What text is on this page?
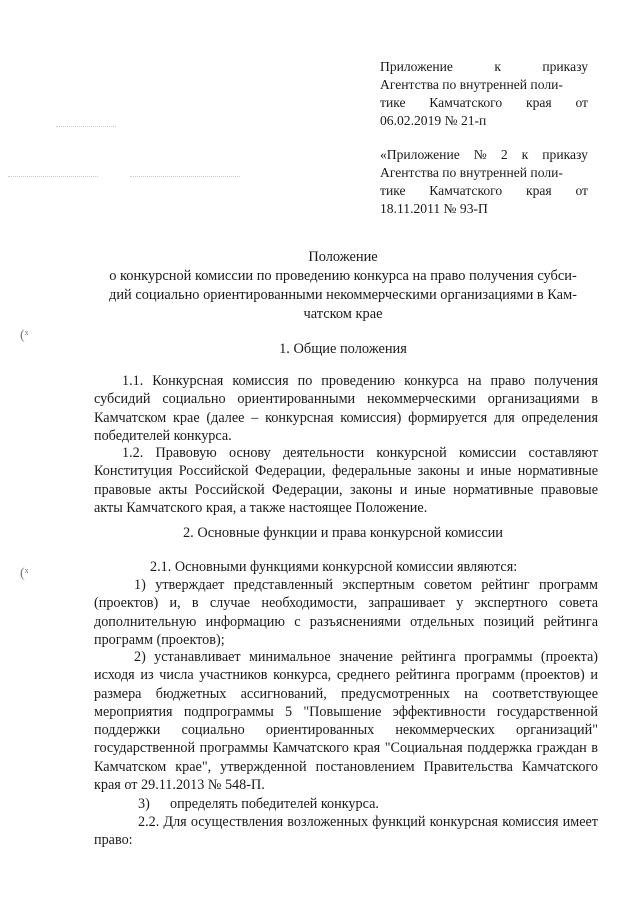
(ˣ
(ˣ
Приложение	к	приказу
Агентства по внутренней поли-
тике Камчатского края от
06.02.2019 № 21-п
«Приложение № 2 к приказу
Агентства по внутренней поли-
тике Камчатского края от
18.11.2011 № 93-П
Положение
о конкурсной комиссии по проведению конкурса на право получения субси-
дий социально ориентированными некоммерческими организациями в Кам-
чатском крае
1. Общие положения
1.1. Конкурсная комиссия по проведению конкурса на право получения субсидий социально ориентированными некоммерческими организациями в Камчатском крае (далее – конкурсная комиссия) формируется для определения победителей конкурса.
1.2. Правовую основу деятельности конкурсной комиссии составляют Конституция Российской Федерации, федеральные законы и иные нормативные правовые акты Российской Федерации, законы и иные нормативные правовые акты Камчатского края, а также настоящее Положение.
2. Основные функции и права конкурсной комиссии
2.1. Основными функциями конкурсной комиссии являются:
1) утверждает представленный экспертным советом рейтинг программ (проектов) и, в случае необходимости, запрашивает у экспертного совета дополнительную информацию с разъяснениями отдельных позиций рейтинга программ (проектов);
2) устанавливает минимальное значение рейтинга программы (проекта) исходя из числа участников конкурса, среднего рейтинга программ (проектов) и размера бюджетных ассигнований, предусмотренных на соответствующее мероприятия подпрограммы 5 "Повышение эффективности государственной поддержки социально ориентированных некоммерческих организаций" государственной программы Камчатского края "Социальная поддержка граждан в Камчатском крае", утвержденной постановлением Правительства Камчатского края от 29.11.2013 № 548-П.
3) определять победителей конкурса.
2.2. Для осуществления возложенных функций конкурсная комиссия имеет право:
